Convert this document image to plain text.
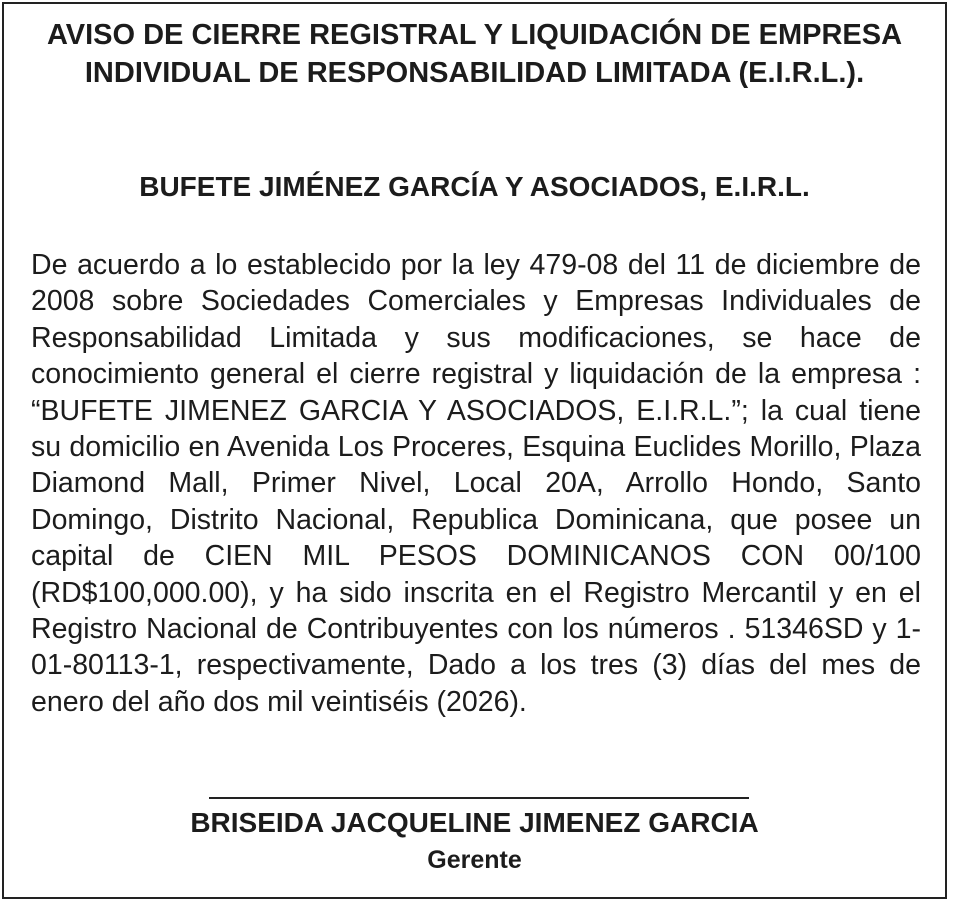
AVISO DE CIERRE REGISTRAL Y LIQUIDACIÓN DE EMPRESA INDIVIDUAL DE RESPONSABILIDAD LIMITADA (E.I.R.L.).
BUFETE JIMÉNEZ GARCÍA Y ASOCIADOS, E.I.R.L.

De acuerdo a lo establecido por la ley 479-08 del 11 de diciembre de 2008 sobre Sociedades Comerciales y Empresas Individuales de Responsabilidad Limitada y sus modificaciones, se hace de conocimiento general el cierre registral y liquidación de la empresa : “BUFETE JIMENEZ GARCIA Y ASOCIADOS, E.I.R.L.”; la cual tiene su domicilio en Avenida Los Proceres, Esquina Euclides Morillo, Plaza Diamond Mall, Primer Nivel, Local 20A, Arrollo Hondo, Santo Domingo, Distrito Nacional, Republica Dominicana, que posee un capital de CIEN MIL PESOS DOMINICANOS CON 00/100 (RD$100,000.00), y ha sido inscrita en el Registro Mercantil y en el Registro Nacional de Contribuyentes con los números . 51346SD y 1-01-80113-1, respectivamente, Dado a los tres (3) días del mes de enero del año dos mil veintiséis (2026).

BRISEIDA JACQUELINE JIMENEZ GARCIA

Gerente
